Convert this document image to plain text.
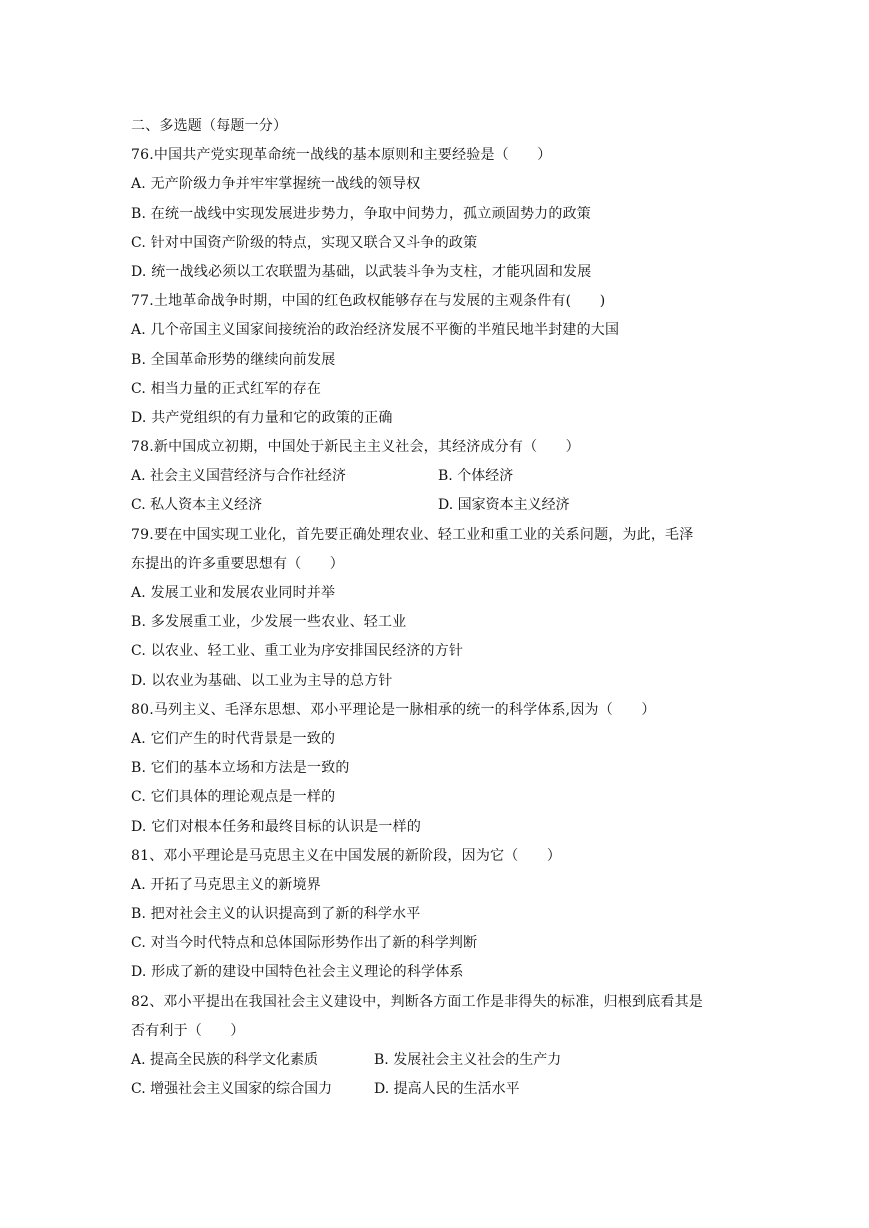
二、多选题（每题一分）
76.中国共产党实现革命统一战线的基本原则和主要经验是（　　）
A. 无产阶级力争并牢牢掌握统一战线的领导权
B. 在统一战线中实现发展进步势力，争取中间势力，孤立顽固势力的政策
C. 针对中国资产阶级的特点，实现又联合又斗争的政策
D. 统一战线必须以工农联盟为基础，以武装斗争为支柱，才能巩固和发展
77.土地革命战争时期，中国的红色政权能够存在与发展的主观条件有(　　)
A. 几个帝国主义国家间接统治的政治经济发展不平衡的半殖民地半封建的大国
B. 全国革命形势的继续向前发展
C. 相当力量的正式红军的存在
D. 共产党组织的有力量和它的政策的正确
78.新中国成立初期，中国处于新民主主义社会，其经济成分有（　　）
A. 社会主义国营经济与合作社经济	B. 个体经济
C. 私人资本主义经济	D. 国家资本主义经济
79.要在中国实现工业化，首先要正确处理农业、轻工业和重工业的关系问题，为此，毛泽
东提出的许多重要思想有（　　）
A. 发展工业和发展农业同时并举
B. 多发展重工业，少发展一些农业、轻工业
C. 以农业、轻工业、重工业为序安排国民经济的方针
D. 以农业为基础、以工业为主导的总方针
80.马列主义、毛泽东思想、邓小平理论是一脉相承的统一的科学体系,因为（　　）
A. 它们产生的时代背景是一致的
B. 它们的基本立场和方法是一致的
C. 它们具体的理论观点是一样的
D. 它们对根本任务和最终目标的认识是一样的
81、邓小平理论是马克思主义在中国发展的新阶段，因为它（　　）
A. 开拓了马克思主义的新境界
B. 把对社会主义的认识提高到了新的科学水平
C. 对当今时代特点和总体国际形势作出了新的科学判断
D. 形成了新的建设中国特色社会主义理论的科学体系
82、邓小平提出在我国社会主义建设中，判断各方面工作是非得失的标准，归根到底看其是
否有利于（　　）
A. 提高全民族的科学文化素质	B. 发展社会主义社会的生产力
C. 增强社会主义国家的综合国力	D. 提高人民的生活水平
